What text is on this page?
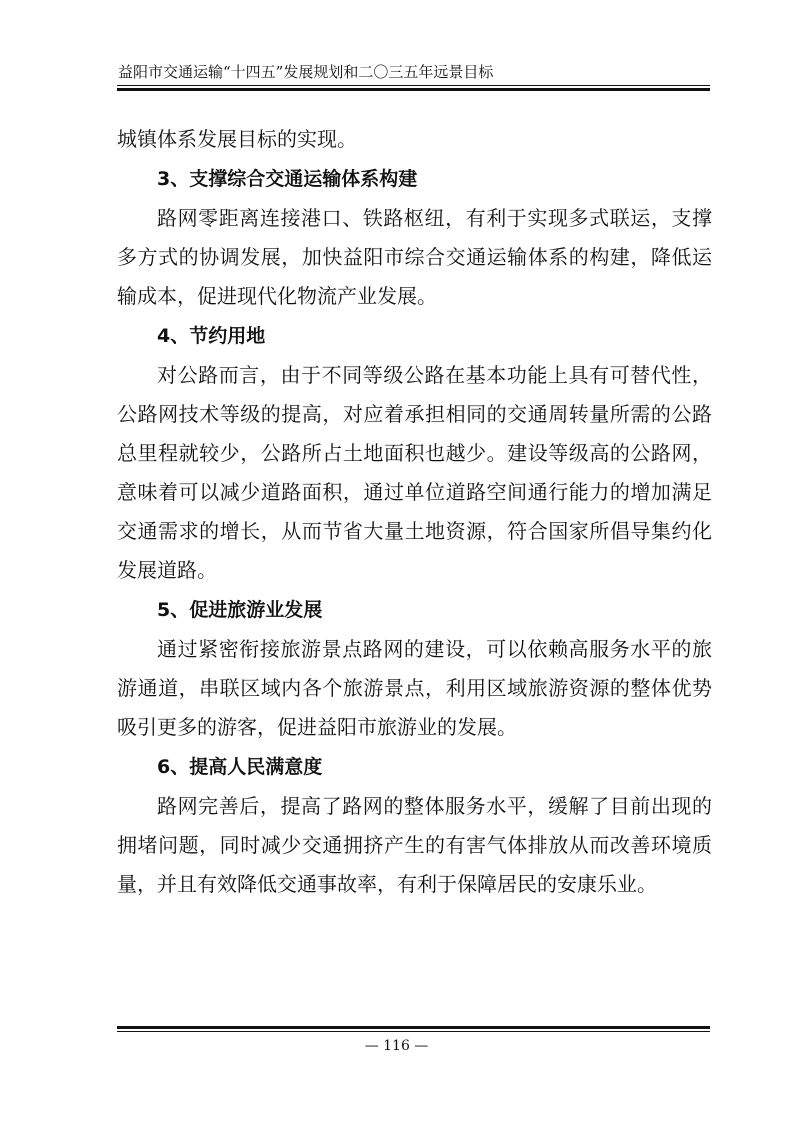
益阳市交通运输“十四五”发展规划和二〇三五年远景目标

城镇体系发展目标的实现。

3、支撑综合交通运输体系构建

路网零距离连接港口、铁路枢纽，有利于实现多式联运，支撑多方式的协调发展，加快益阳市综合交通运输体系的构建，降低运输成本，促进现代化物流产业发展。

4、节约用地

对公路而言，由于不同等级公路在基本功能上具有可替代性，公路网技术等级的提高，对应着承担相同的交通周转量所需的公路总里程就较少，公路所占土地面积也越少。建设等级高的公路网，意味着可以减少道路面积，通过单位道路空间通行能力的增加满足交通需求的增长，从而节省大量土地资源，符合国家所倡导集约化发展道路。

5、促进旅游业发展

通过紧密衔接旅游景点路网的建设，可以依赖高服务水平的旅游通道，串联区域内各个旅游景点，利用区域旅游资源的整体优势吸引更多的游客，促进益阳市旅游业的发展。

6、提高人民满意度

路网完善后，提高了路网的整体服务水平，缓解了目前出现的拥堵问题，同时减少交通拥挤产生的有害气体排放从而改善环境质量，并且有效降低交通事故率，有利于保障居民的安康乐业。

— 116 —
